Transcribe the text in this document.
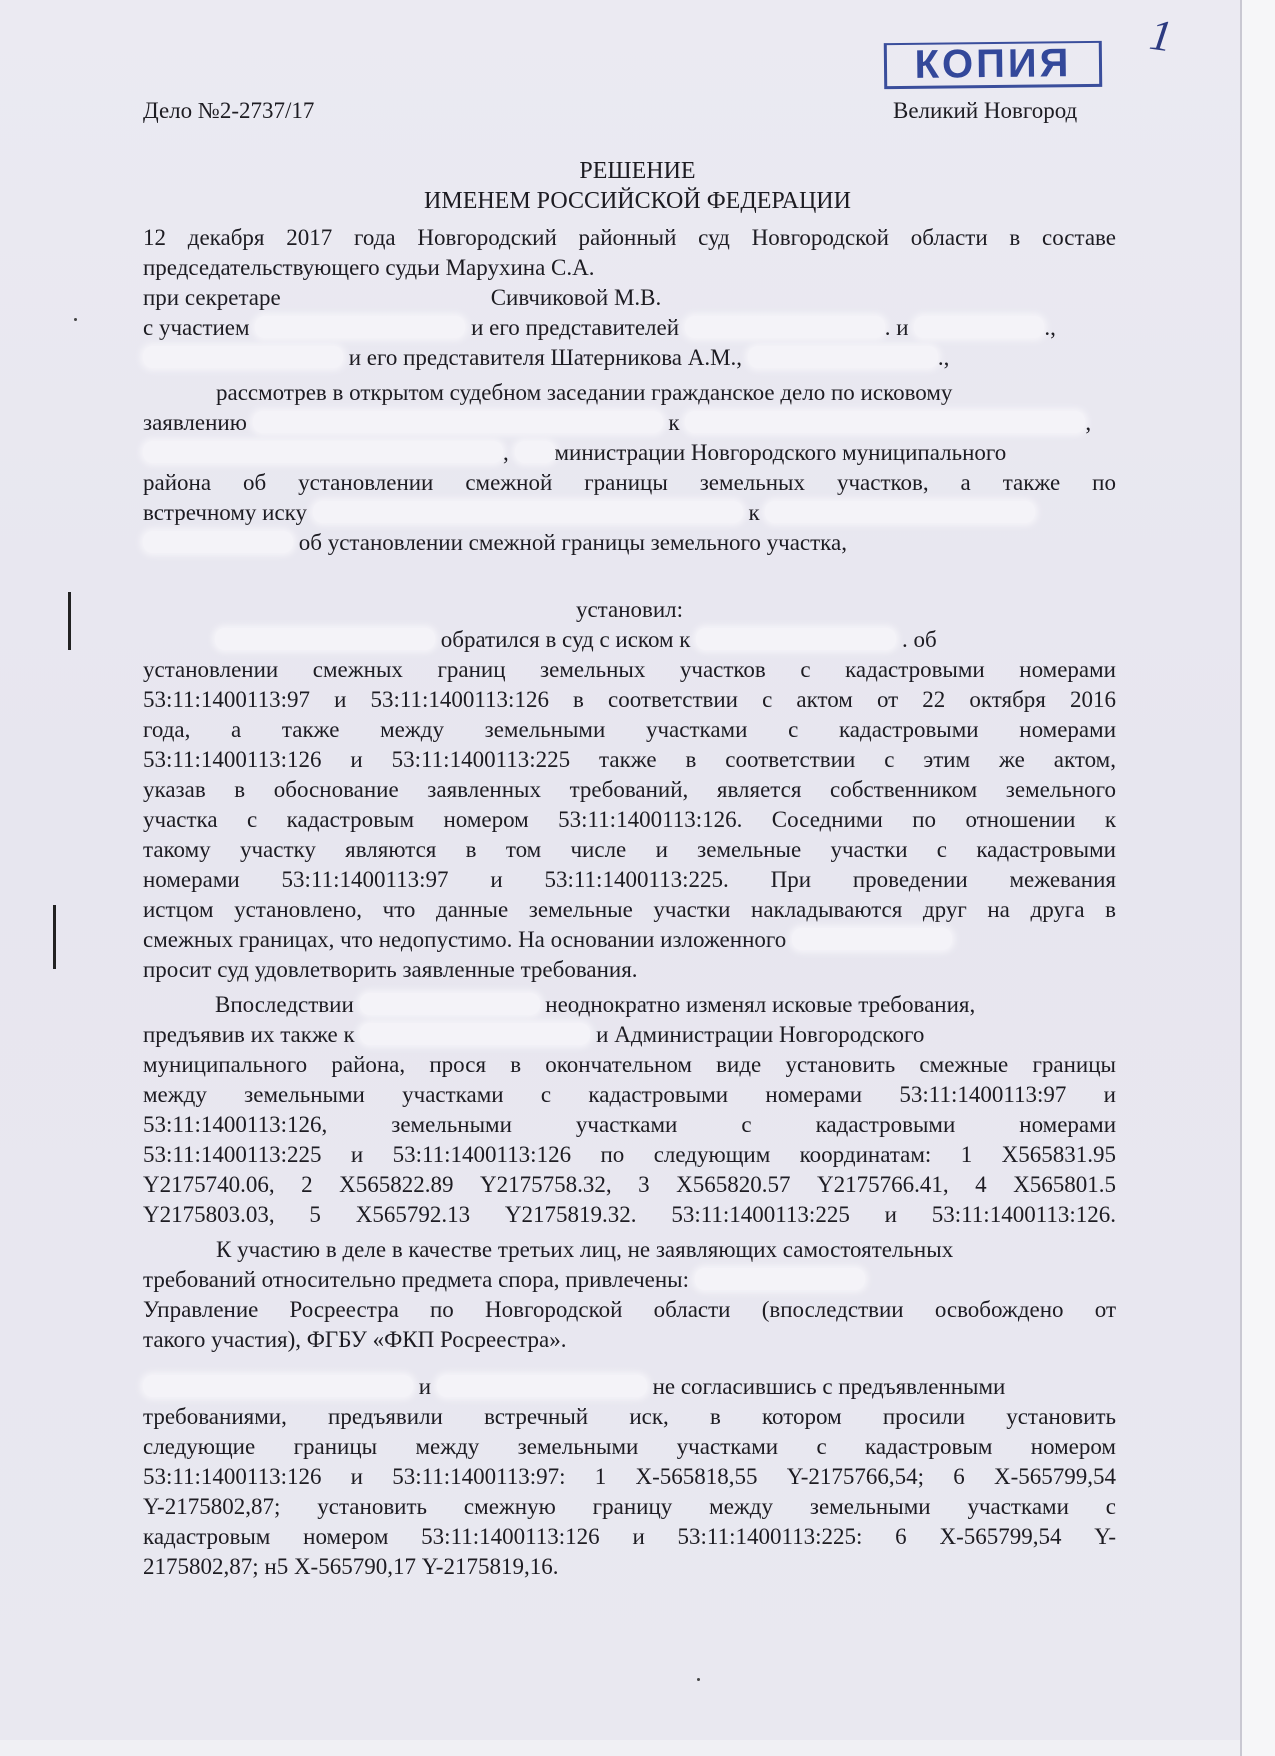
1
КОПИЯ
Дело №2-2737/17	Великий Новгород
РЕШЕНИЕ
ИМЕНЕМ РОССИЙСКОЙ ФЕДЕРАЦИИ
12 декабря 2017 года Новгородский районный суд Новгородской области в составе
председательствующего судьи Марухина С.А.
при секретаре	Сивчиковой М.В.
с участием	и его представителей	. и	.,
и его представителя Шатерникова А.М.,	.,
рассмотрев в открытом судебном заседании гражданское дело по исковому
заявлению	к	,
, министрации Новгородского муниципального
района об установлении смежной границы земельных участков, а также по
встречному иску	к
об установлении смежной границы земельного участка,
установил:
обратился в суд с иском к	. об
установлении смежных границ земельных участков с кадастровыми номерами
53:11:1400113:97 и 53:11:1400113:126 в соответствии с актом от 22 октября 2016
года, а также между земельными участками с кадастровыми номерами
53:11:1400113:126 и 53:11:1400113:225 также в соответствии с этим же актом,
указав в обоснование заявленных требований, является собственником земельного
участка с кадастровым номером 53:11:1400113:126. Соседними по отношении к
такому участку являются в том числе и земельные участки с кадастровыми
номерами 53:11:1400113:97 и 53:11:1400113:225. При проведении межевания
истцом установлено, что данные земельные участки накладываются друг на друга в
смежных границах, что недопустимо. На основании изложенного
просит суд удовлетворить заявленные требования.
Впоследствии	неоднократно изменял исковые требования,
предъявив их также к	и Администрации Новгородского
муниципального района, прося в окончательном виде установить смежные границы
между земельными участками с кадастровыми номерами 53:11:1400113:97 и
53:11:1400113:126, земельными участками с кадастровыми номерами
53:11:1400113:225 и 53:11:1400113:126 по следующим координатам: 1 Х565831.95
Y2175740.06, 2 Х565822.89 Y2175758.32, 3 Х565820.57 Y2175766.41, 4 Х565801.5
Y2175803.03, 5 Х565792.13 Y2175819.32. 53:11:1400113:225 и 53:11:1400113:126.
К участию в деле в качестве третьих лиц, не заявляющих самостоятельных
требований относительно предмета спора, привлечены:
Управление Росреестра по Новгородской области (впоследствии освобождено от
такого участия), ФГБУ «ФКП Росреестра».
и	не согласившись с предъявленными
требованиями, предъявили встречный иск, в котором просили установить
следующие границы между земельными участками с кадастровым номером
53:11:1400113:126 и 53:11:1400113:97: 1 Х-565818,55 Y-2175766,54; 6 Х-565799,54
Y-2175802,87; установить смежную границу между земельными участками с
кадастровым номером 53:11:1400113:126 и 53:11:1400113:225: 6 Х-565799,54 Y-
2175802,87; н5 Х-565790,17 Y-2175819,16.
